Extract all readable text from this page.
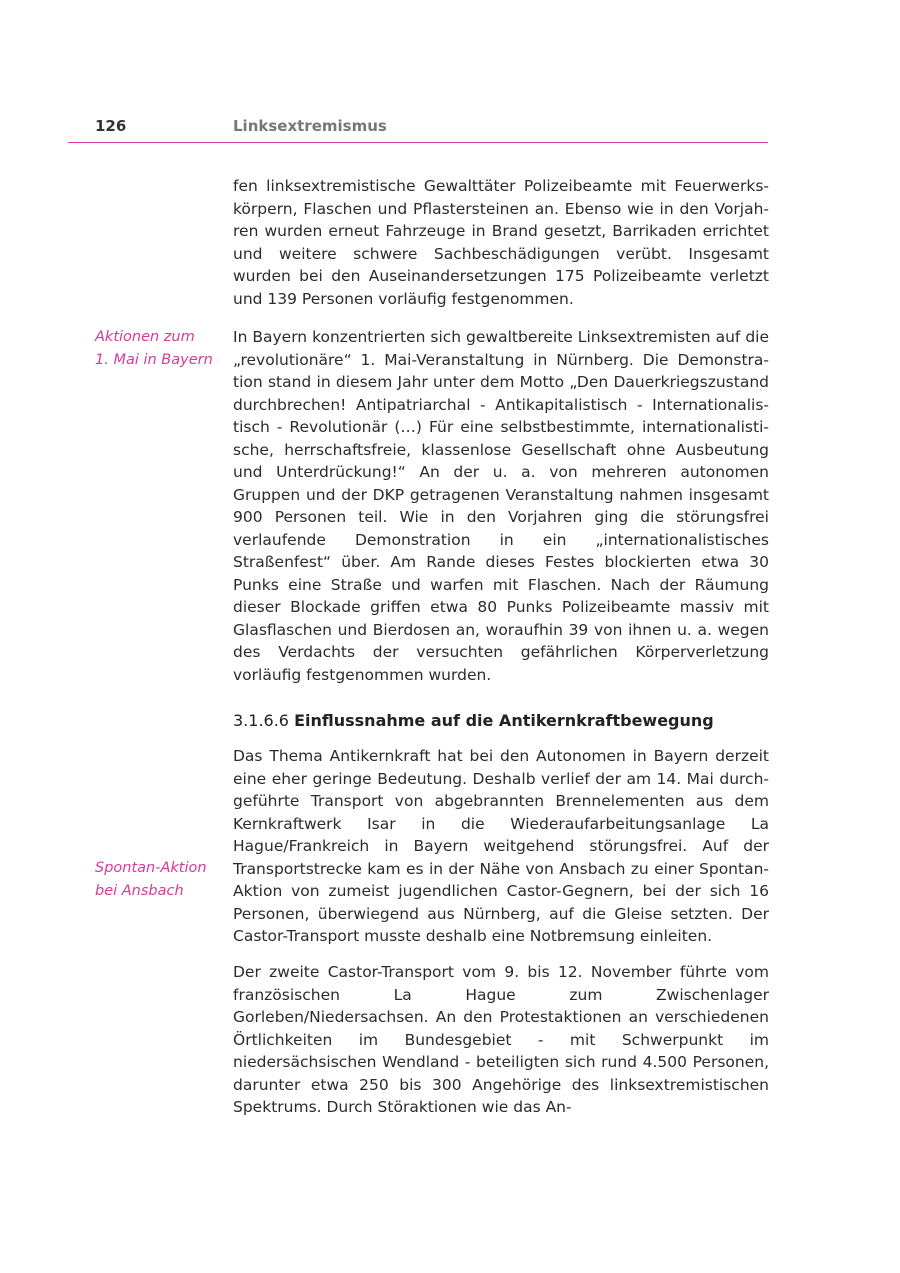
126	Linksextremismus

fen linksextremistische Gewalttäter Polizeibeamte mit Feuerwerkskörpern, Flaschen und Pflastersteinen an. Ebenso wie in den Vorjahren wurden erneut Fahrzeuge in Brand gesetzt, Barrikaden errichtet und weitere schwere Sachbeschädigungen verübt. Insgesamt wurden bei den Auseinandersetzungen 175 Polizeibeamte verletzt und 139 Personen vorläufig festgenommen.

Aktionen zum
1. Mai in Bayern

In Bayern konzentrierten sich gewaltbereite Linksextremisten auf die „revolutionäre“ 1. Mai-Veranstaltung in Nürnberg. Die Demonstration stand in diesem Jahr unter dem Motto „Den Dauerkriegszustand durchbrechen! Antipatriarchal - Antikapitalistisch - Internationalistisch - Revolutionär (…) Für eine selbstbestimmte, internationalistische, herrschaftsfreie, klassenlose Gesellschaft ohne Ausbeutung und Unterdrückung!“ An der u. a. von mehreren autonomen Gruppen und der DKP getragenen Veranstaltung nahmen insgesamt 900 Personen teil. Wie in den Vorjahren ging die störungsfrei verlaufende Demonstration in ein „internationalistisches Straßenfest“ über. Am Rande dieses Festes blockierten etwa 30 Punks eine Straße und warfen mit Flaschen. Nach der Räumung dieser Blockade griffen etwa 80 Punks Polizeibeamte massiv mit Glasflaschen und Bierdosen an, woraufhin 39 von ihnen u. a. wegen des Verdachts der versuchten gefährlichen Körperverletzung vorläufig festgenommen wurden.

3.1.6.6 Einflussnahme auf die Antikernkraftbewegung

Das Thema Antikernkraft hat bei den Autonomen in Bayern derzeit eine eher geringe Bedeutung. Deshalb verlief der am 14. Mai durchgeführte Transport von abgebrannten Brennelementen aus dem Kernkraftwerk Isar in die Wiederaufarbeitungsanlage La Hague/Frankreich in Bayern weitgehend störungsfrei. Auf der Transportstrecke kam es in der Nähe von Ansbach zu einer Spontan-Aktion von zumeist jugendlichen Castor-Gegnern, bei der sich 16 Personen, überwiegend aus Nürnberg, auf die Gleise setzten. Der Castor-Transport musste deshalb eine Notbremsung einleiten.

Spontan-Aktion
bei Ansbach

Der zweite Castor-Transport vom 9. bis 12. November führte vom französischen La Hague zum Zwischenlager Gorleben/Niedersachsen. An den Protestaktionen an verschiedenen Örtlichkeiten im Bundesgebiet - mit Schwerpunkt im niedersächsischen Wendland - beteiligten sich rund 4.500 Personen, darunter etwa 250 bis 300 Angehörige des linksextremistischen Spektrums. Durch Störaktionen wie das An-
